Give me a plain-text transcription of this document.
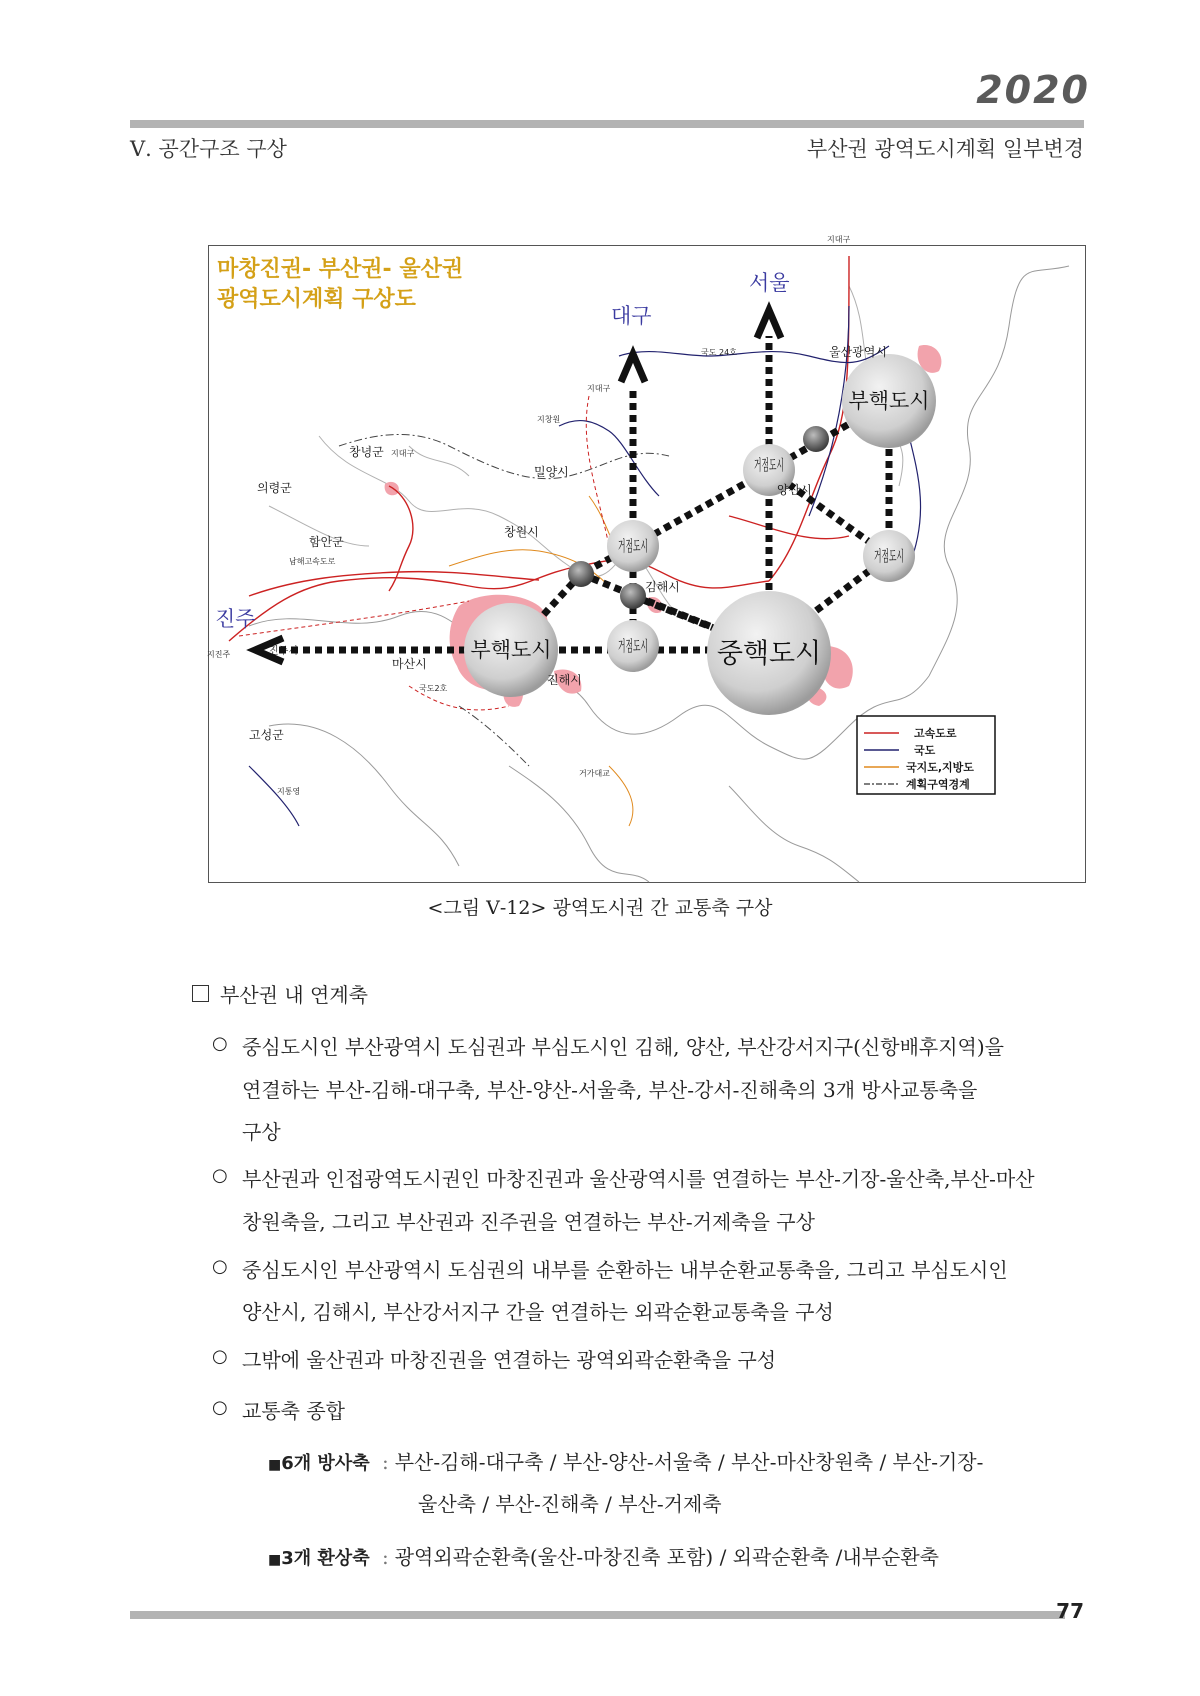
2020
Ⅴ. 공간구조 구상	부산권 광역도시계획 일부변경
부핵도시
부핵도시	중핵도시
거점도시
거점도시
거점도시
거점도시
마창진권- 부산권- 울산권
광역도시계획 구상도
대구
서울
진주
울산광역시
양산시
밀양시
창원시
마산시
진해시
김해시
의령군
창녕군
함안군
고성군
진주시
국도 24호
지대구
지대구
지대구
지창원
지진주
지통영
거가대교
국도2호
남해고속도로
고속도로
국도
국지도,지방도
계획구역경계
<그림 Ⅴ-12> 광역도시권 간 교통축 구상
부산권 내 연계축
○ 중심도시인 부산광역시 도심권과 부심도시인 김해, 양산, 부산강서지구(신항배후지역)을
연결하는 부산-김해-대구축, 부산-양산-서울축, 부산-강서-진해축의 3개 방사교통축을
구상
○ 부산권과 인접광역도시권인 마창진권과 울산광역시를 연결하는 부산-기장-울산축,부산-마산
창원축을, 그리고 부산권과 진주권을 연결하는 부산-거제축을 구상
○ 중심도시인 부산광역시 도심권의 내부를 순환하는 내부순환교통축을, 그리고 부심도시인
양산시, 김해시, 부산강서지구 간을 연결하는 외곽순환교통축을 구성
○ 그밖에 울산권과 마창진권을 연결하는 광역외곽순환축을 구성
○ 교통축 종합
■6개 방사축 : 부산-김해-대구축 / 부산-양산-서울축 / 부산-마산창원축 / 부산-기장-
울산축 / 부산-진해축 / 부산-거제축
■3개 환상축 : 광역외곽순환축(울산-마창진축 포함) / 외곽순환축 /내부순환축
77
